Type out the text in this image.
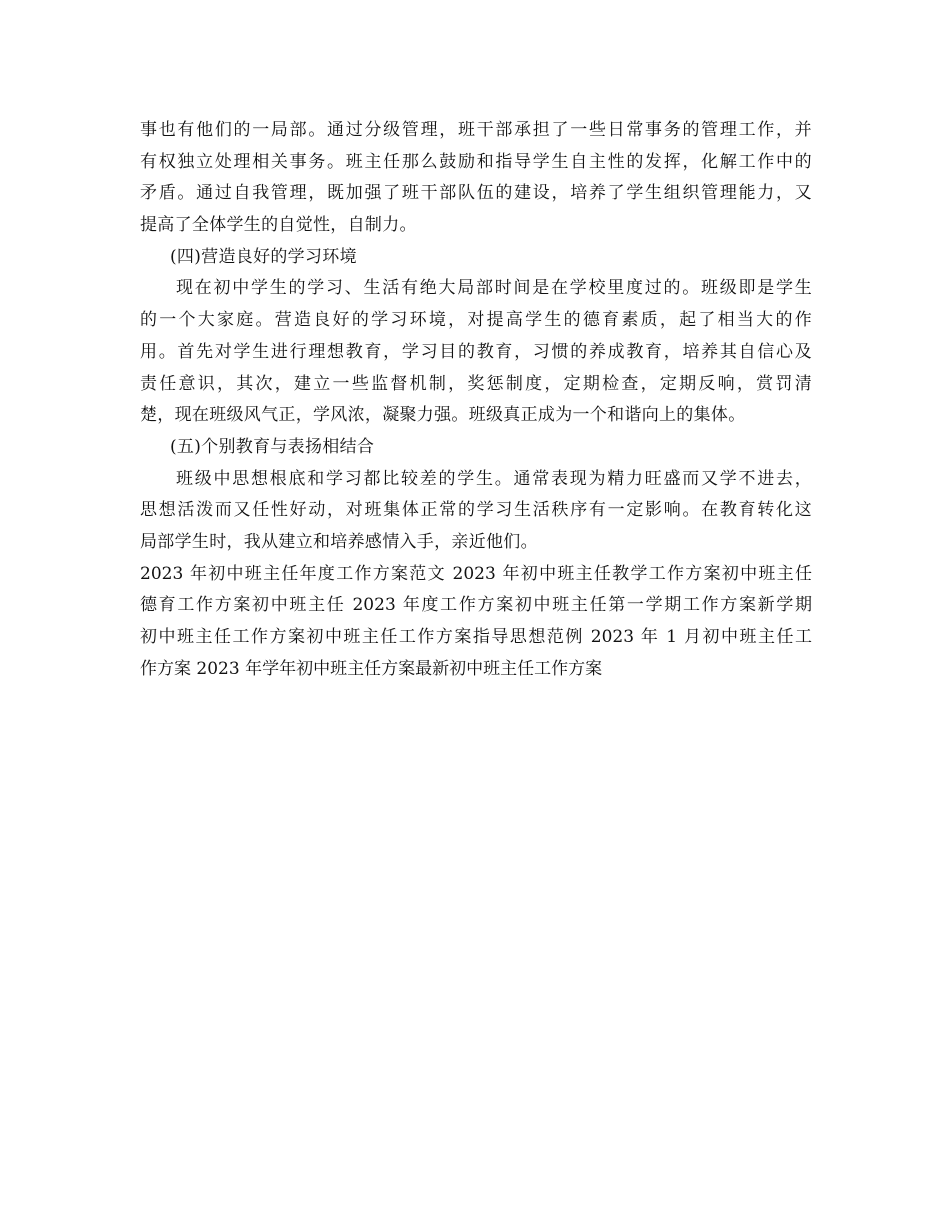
事也有他们的一局部。通过分级管理，班干部承担了一些日常事务的管理工作，并
有权独立处理相关事务。班主任那么鼓励和指导学生自主性的发挥，化解工作中的
矛盾。通过自我管理，既加强了班干部队伍的建设，培养了学生组织管理能力，又
提高了全体学生的自觉性，自制力。
(四)营造良好的学习环境
现在初中学生的学习、生活有绝大局部时间是在学校里度过的。班级即是学生
的一个大家庭。营造良好的学习环境，对提高学生的德育素质，起了相当大的作
用。首先对学生进行理想教育，学习目的教育，习惯的养成教育，培养其自信心及
责任意识，其次，建立一些监督机制，奖惩制度，定期检查，定期反响，赏罚清
楚，现在班级风气正，学风浓，凝聚力强。班级真正成为一个和谐向上的集体。
(五)个别教育与表扬相结合
班级中思想根底和学习都比较差的学生。通常表现为精力旺盛而又学不进去，
思想活泼而又任性好动，对班集体正常的学习生活秩序有一定影响。在教育转化这
局部学生时，我从建立和培养感情入手，亲近他们。
2023 年初中班主任年度工作方案范文 2023 年初中班主任教学工作方案初中班主任
德育工作方案初中班主任 2023 年度工作方案初中班主任第一学期工作方案新学期
初中班主任工作方案初中班主任工作方案指导思想范例 2023 年 1 月初中班主任工
作方案 2023 年学年初中班主任方案最新初中班主任工作方案
